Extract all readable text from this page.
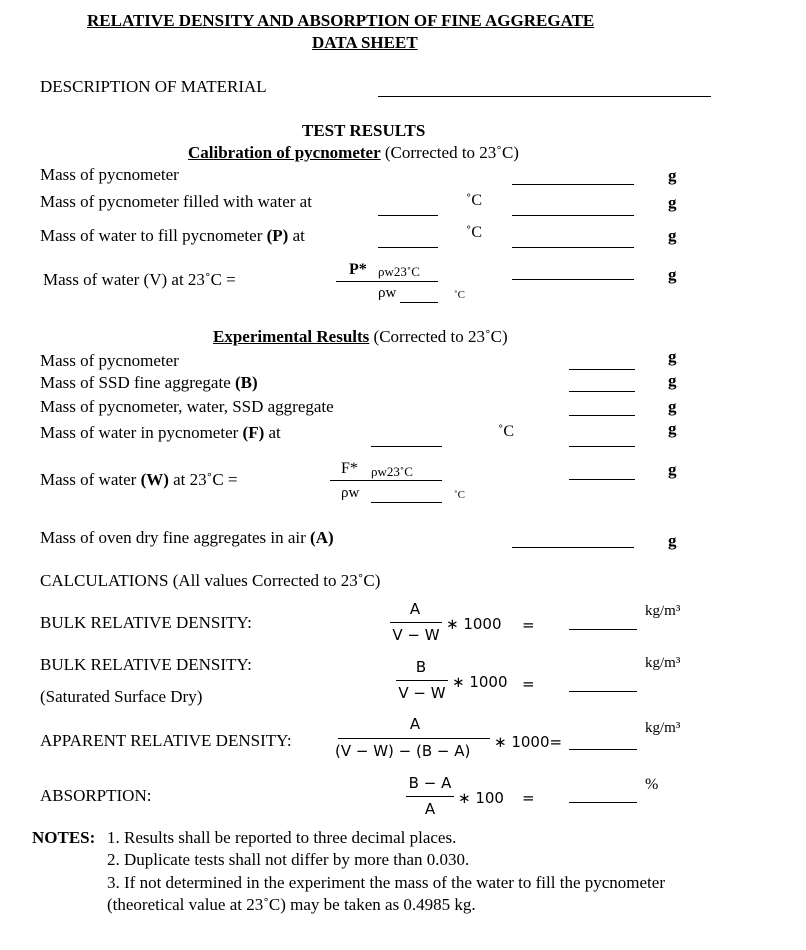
RELATIVE DENSITY AND ABSORPTION OF FINE AGGREGATE
DATA SHEET
DESCRIPTION OF MATERIAL
TEST RESULTS
Calibration of pycnometer (Corrected to 23˚C)
Mass of pycnometer	g
Mass of pycnometer filled with water at	˚C	g
Mass of water to fill pycnometer (P) at	˚C	g
Mass of water (V) at 23˚C =
P* ρw23˚C
ρw	˚C
g
Experimental Results (Corrected to 23˚C)
Mass of pycnometer	g
Mass of SSD fine aggregate (B)	g
Mass of pycnometer, water, SSD aggregate	g
Mass of water in pycnometer (F) at	˚C	g
Mass of water (W) at 23˚C =
F* ρw23˚C
ρw	˚C
g
Mass of oven dry fine aggregates in air (A)	g
CALCULATIONS (All values Corrected to 23˚C)
BULK RELATIVE DENSITY:
A
V − W
∗ 1000 =
kg/m³
BULK RELATIVE DENSITY:
(Saturated Surface Dry)
B
V − W
∗ 1000 =
kg/m³
APPARENT RELATIVE DENSITY:
A
(V − W) − (B − A) ∗ 1000=
kg/m³
ABSORPTION:
B − A
A
∗ 100 =
%
NOTES: 1. Results shall be reported to three decimal places.
2. Duplicate tests shall not differ by more than 0.030.
3. If not determined in the experiment the mass of the water to fill the pycnometer
(theoretical value at 23˚C) may be taken as 0.4985 kg.
